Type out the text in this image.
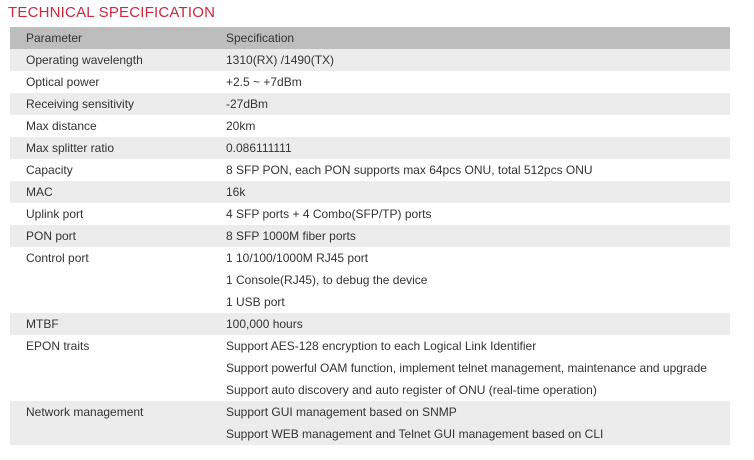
TECHNICAL SPECIFICATION
Parameter	Specification

Operating wavelength	1310(RX) /1490(TX)

Optical power	+2.5 ~ +7dBm

Receiving sensitivity	-27dBm

Max distance	20km

Max splitter ratio	0.086111111

Capacity	8 SFP PON, each PON supports max 64pcs ONU, total 512pcs ONU

MAC	16k

Uplink port	4 SFP ports + 4 Combo(SFP/TP) ports

PON port	8 SFP 1000M fiber ports

Control port	1 10/100/1000M RJ45 port
1 Console(RJ45), to debug the device
1 USB port

MTBF	100,000 hours

EPON traits	Support AES-128 encryption to each Logical Link Identifier
Support powerful OAM function, implement telnet management, maintenance and upgrade
Support auto discovery and auto register of ONU (real-time operation)

Network management	Support GUI management based on SNMP
Support WEB management and Telnet GUI management based on CLI
